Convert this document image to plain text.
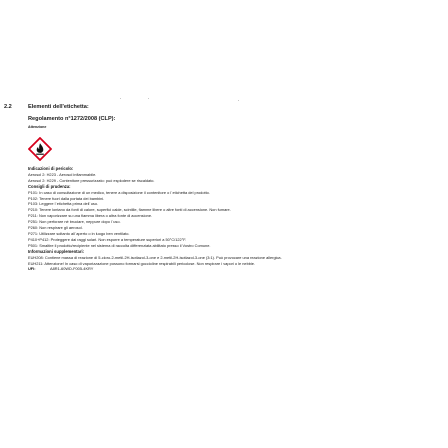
2.2	Elementi dell'etichetta:
Regolamento n°1272/2008 (CLP):
Attenzione
Indicazioni di pericolo:
Aerosol 2: H223 - Aerosol infiammabile.
Aerosol 2: H229 - Contenitore pressurizzato: può esplodere se riscaldato.
Consigli di prudenza:
P101: In caso di consultazione di un medico, tenere a disposizione il contenitore o l´etichetta del prodotto.
P102: Tenere fuori dalla portata dei bambini.
P103: Leggere l´etichetta prima dell´uso.
P210: Tenere lontano da fonti di calore, superfici calde, scintille, fiamme libere o altre fonti di accensione. Non fumare.
P211: Non vaporizzare su una fiamma libera o altra fonte di accensione.
P251: Non perforare né bruciare, neppure dopo l´uso.
P260: Non respirare gli aerosol.
P271: Utilizzare soltanto all´aperto o in luogo ben ventilato.
P410+P412: Proteggere dai raggi solari. Non esporre a temperature superiori a 50°C/122°F.
P501: Smaltire il prodotto/recipiente nel sistema di raccolta differenziata abilitato presso il Vostro Comune.
Informazioni supplementari:
EUH208: Contiene massa di reazione di 5-cloro-2-metil-2H-isotiazol-3-one e 2-metil-2H-isotiazol-3-one (3:1). Può provocare una reazione allergica.
EUH211: Attenzione! In caso di vaporizzazione possono formarsi goccioline respirabili pericolose. Non respirare i vapori o le nebbie.
UFI:	A8R1-60WD-F005-4KRY
